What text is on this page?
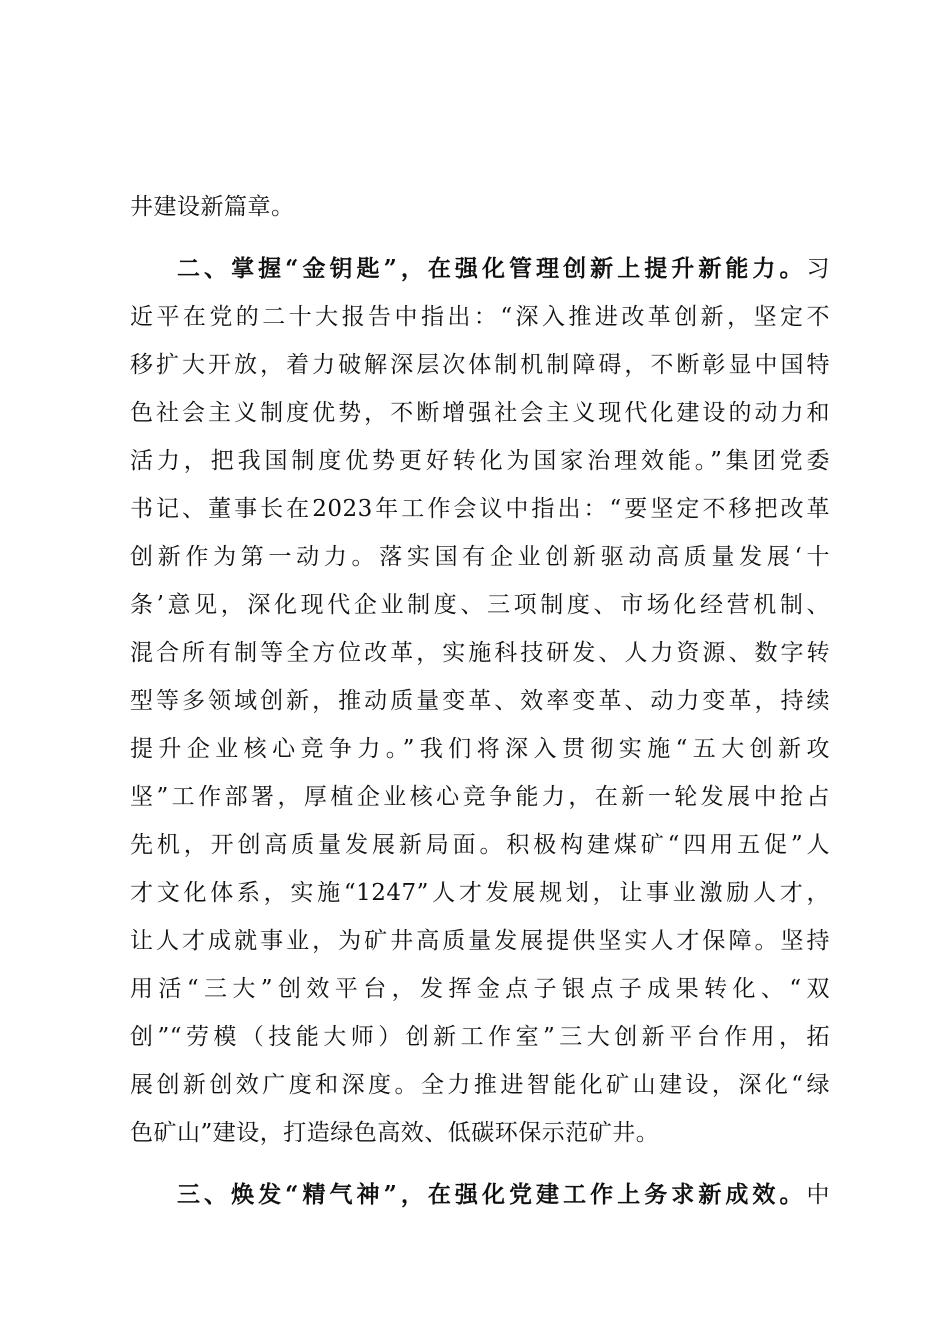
井建设新篇章。
二、掌握“金钥匙”，在强化管理创新上提升新能力。习
近平在党的二十大报告中指出：“深入推进改革创新，坚定不
移扩大开放，着力破解深层次体制机制障碍，不断彰显中国特
色社会主义制度优势，不断增强社会主义现代化建设的动力和
活力，把我国制度优势更好转化为国家治理效能。”集团党委
书记、董事长在2023年工作会议中指出：“要坚定不移把改革
创新作为第一动力。落实国有企业创新驱动高质量发展‘十
条’意见，深化现代企业制度、三项制度、市场化经营机制、
混合所有制等全方位改革，实施科技研发、人力资源、数字转
型等多领域创新，推动质量变革、效率变革、动力变革，持续
提升企业核心竞争力。”我们将深入贯彻实施“五大创新攻
坚”工作部署，厚植企业核心竞争能力，在新一轮发展中抢占
先机，开创高质量发展新局面。积极构建煤矿“四用五促”人
才文化体系，实施“1247”人才发展规划，让事业激励人才，
让人才成就事业，为矿井高质量发展提供坚实人才保障。坚持
用活“三大”创效平台，发挥金点子银点子成果转化、“双
创”“劳模（技能大师）创新工作室”三大创新平台作用，拓
展创新创效广度和深度。全力推进智能化矿山建设，深化“绿
色矿山”建设，打造绿色高效、低碳环保示范矿井。
三、焕发“精气神”，在强化党建工作上务求新成效。中
